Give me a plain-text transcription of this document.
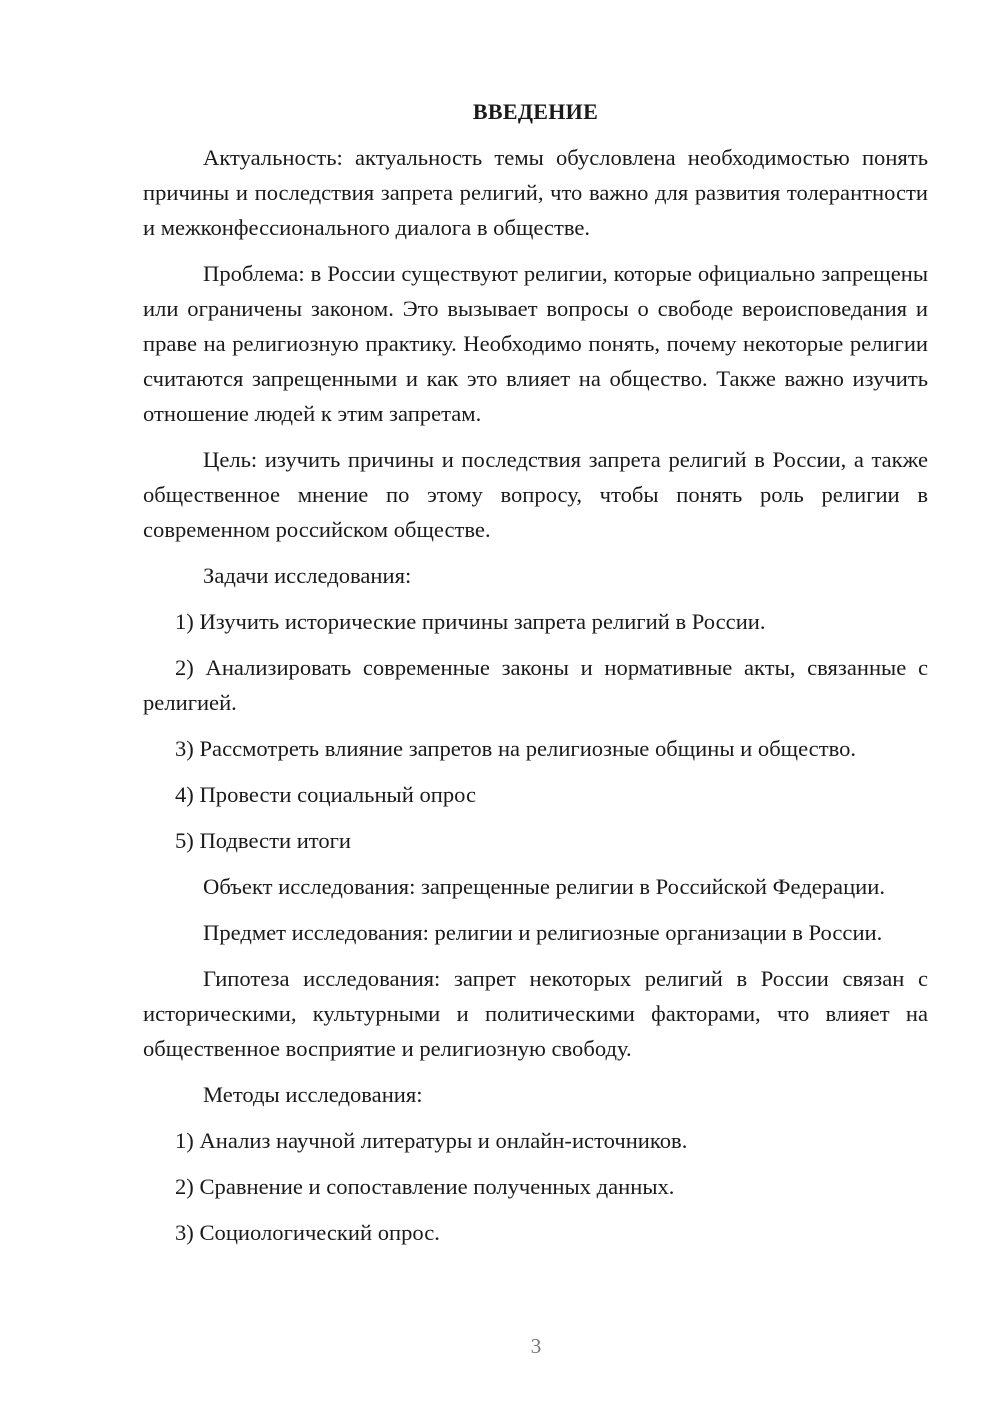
ВВЕДЕНИЕ

Актуальность: актуальность темы обусловлена необходимостью понять причины и последствия запрета религий, что важно для развития толерантности и межконфессионального диалога в обществе.

Проблема: в России существуют религии, которые официально запрещены или ограничены законом. Это вызывает вопросы о свободе вероисповедания и праве на религиозную практику. Необходимо понять, почему некоторые религии считаются запрещенными и как это влияет на общество. Также важно изучить отношение людей к этим запретам.

Цель: изучить причины и последствия запрета религий в России, а также общественное мнение по этому вопросу, чтобы понять роль религии в современном российском обществе.

Задачи исследования:

1) Изучить исторические причины запрета религий в России.

2) Анализировать современные законы и нормативные акты, связанные с религией.

3) Рассмотреть влияние запретов на религиозные общины и общество.

4) Провести социальный опрос

5) Подвести итоги

Объект исследования: запрещенные религии в Российской Федерации.

Предмет исследования: религии и религиозные организации в России.

Гипотеза исследования: запрет некоторых религий в России связан с историческими, культурными и политическими факторами, что влияет на общественное восприятие и религиозную свободу.

Методы исследования:

1) Анализ научной литературы и онлайн-источников.

2) Сравнение и сопоставление полученных данных.

3) Социологический опрос.

3
